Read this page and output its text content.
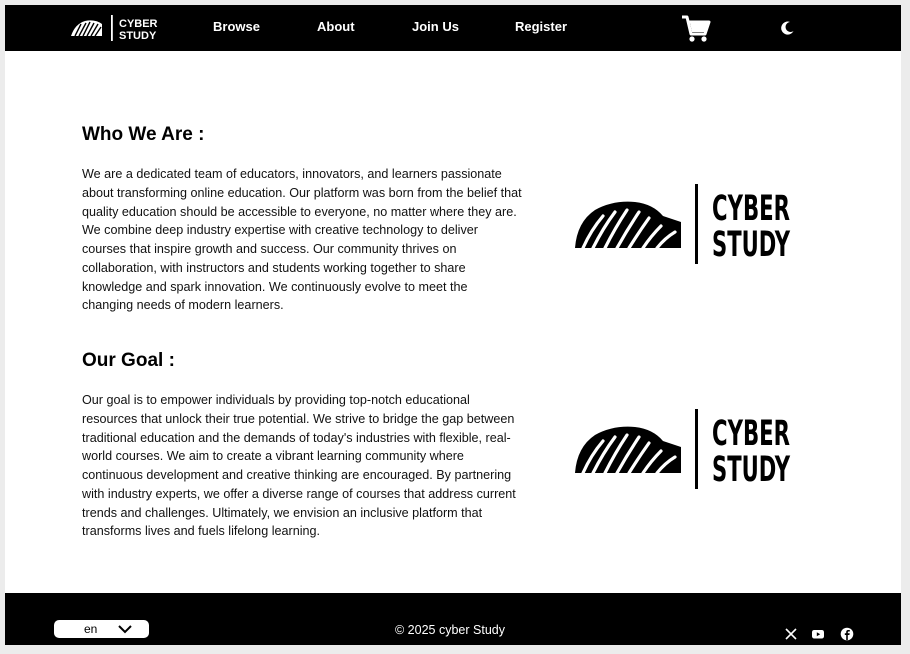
CYBER
STUDY
Browse	About	Join Us	Register
Who We Are :

We are a dedicated team of educators, innovators, and learners passionate about transforming online education. Our platform was born from the belief that quality education should be accessible to everyone, no matter where they are. We combine deep industry expertise with creative technology to deliver courses that inspire growth and success. Our community thrives on collaboration, with instructors and students working together to share knowledge and spark innovation. We continuously evolve to meet the changing needs of modern learners.

CYBER
STUDY
Our Goal :

Our goal is to empower individuals by providing top-notch educational resources that unlock their true potential. We strive to bridge the gap between traditional education and the demands of today's industries with flexible, real-world courses. We aim to create a vibrant learning community where continuous development and creative thinking are encouraged. By partnering with industry experts, we offer a diverse range of courses that address current trends and challenges. Ultimately, we envision an inclusive platform that transforms lives and fuels lifelong learning.

CYBER
STUDY
en	© 2025 cyber Study
